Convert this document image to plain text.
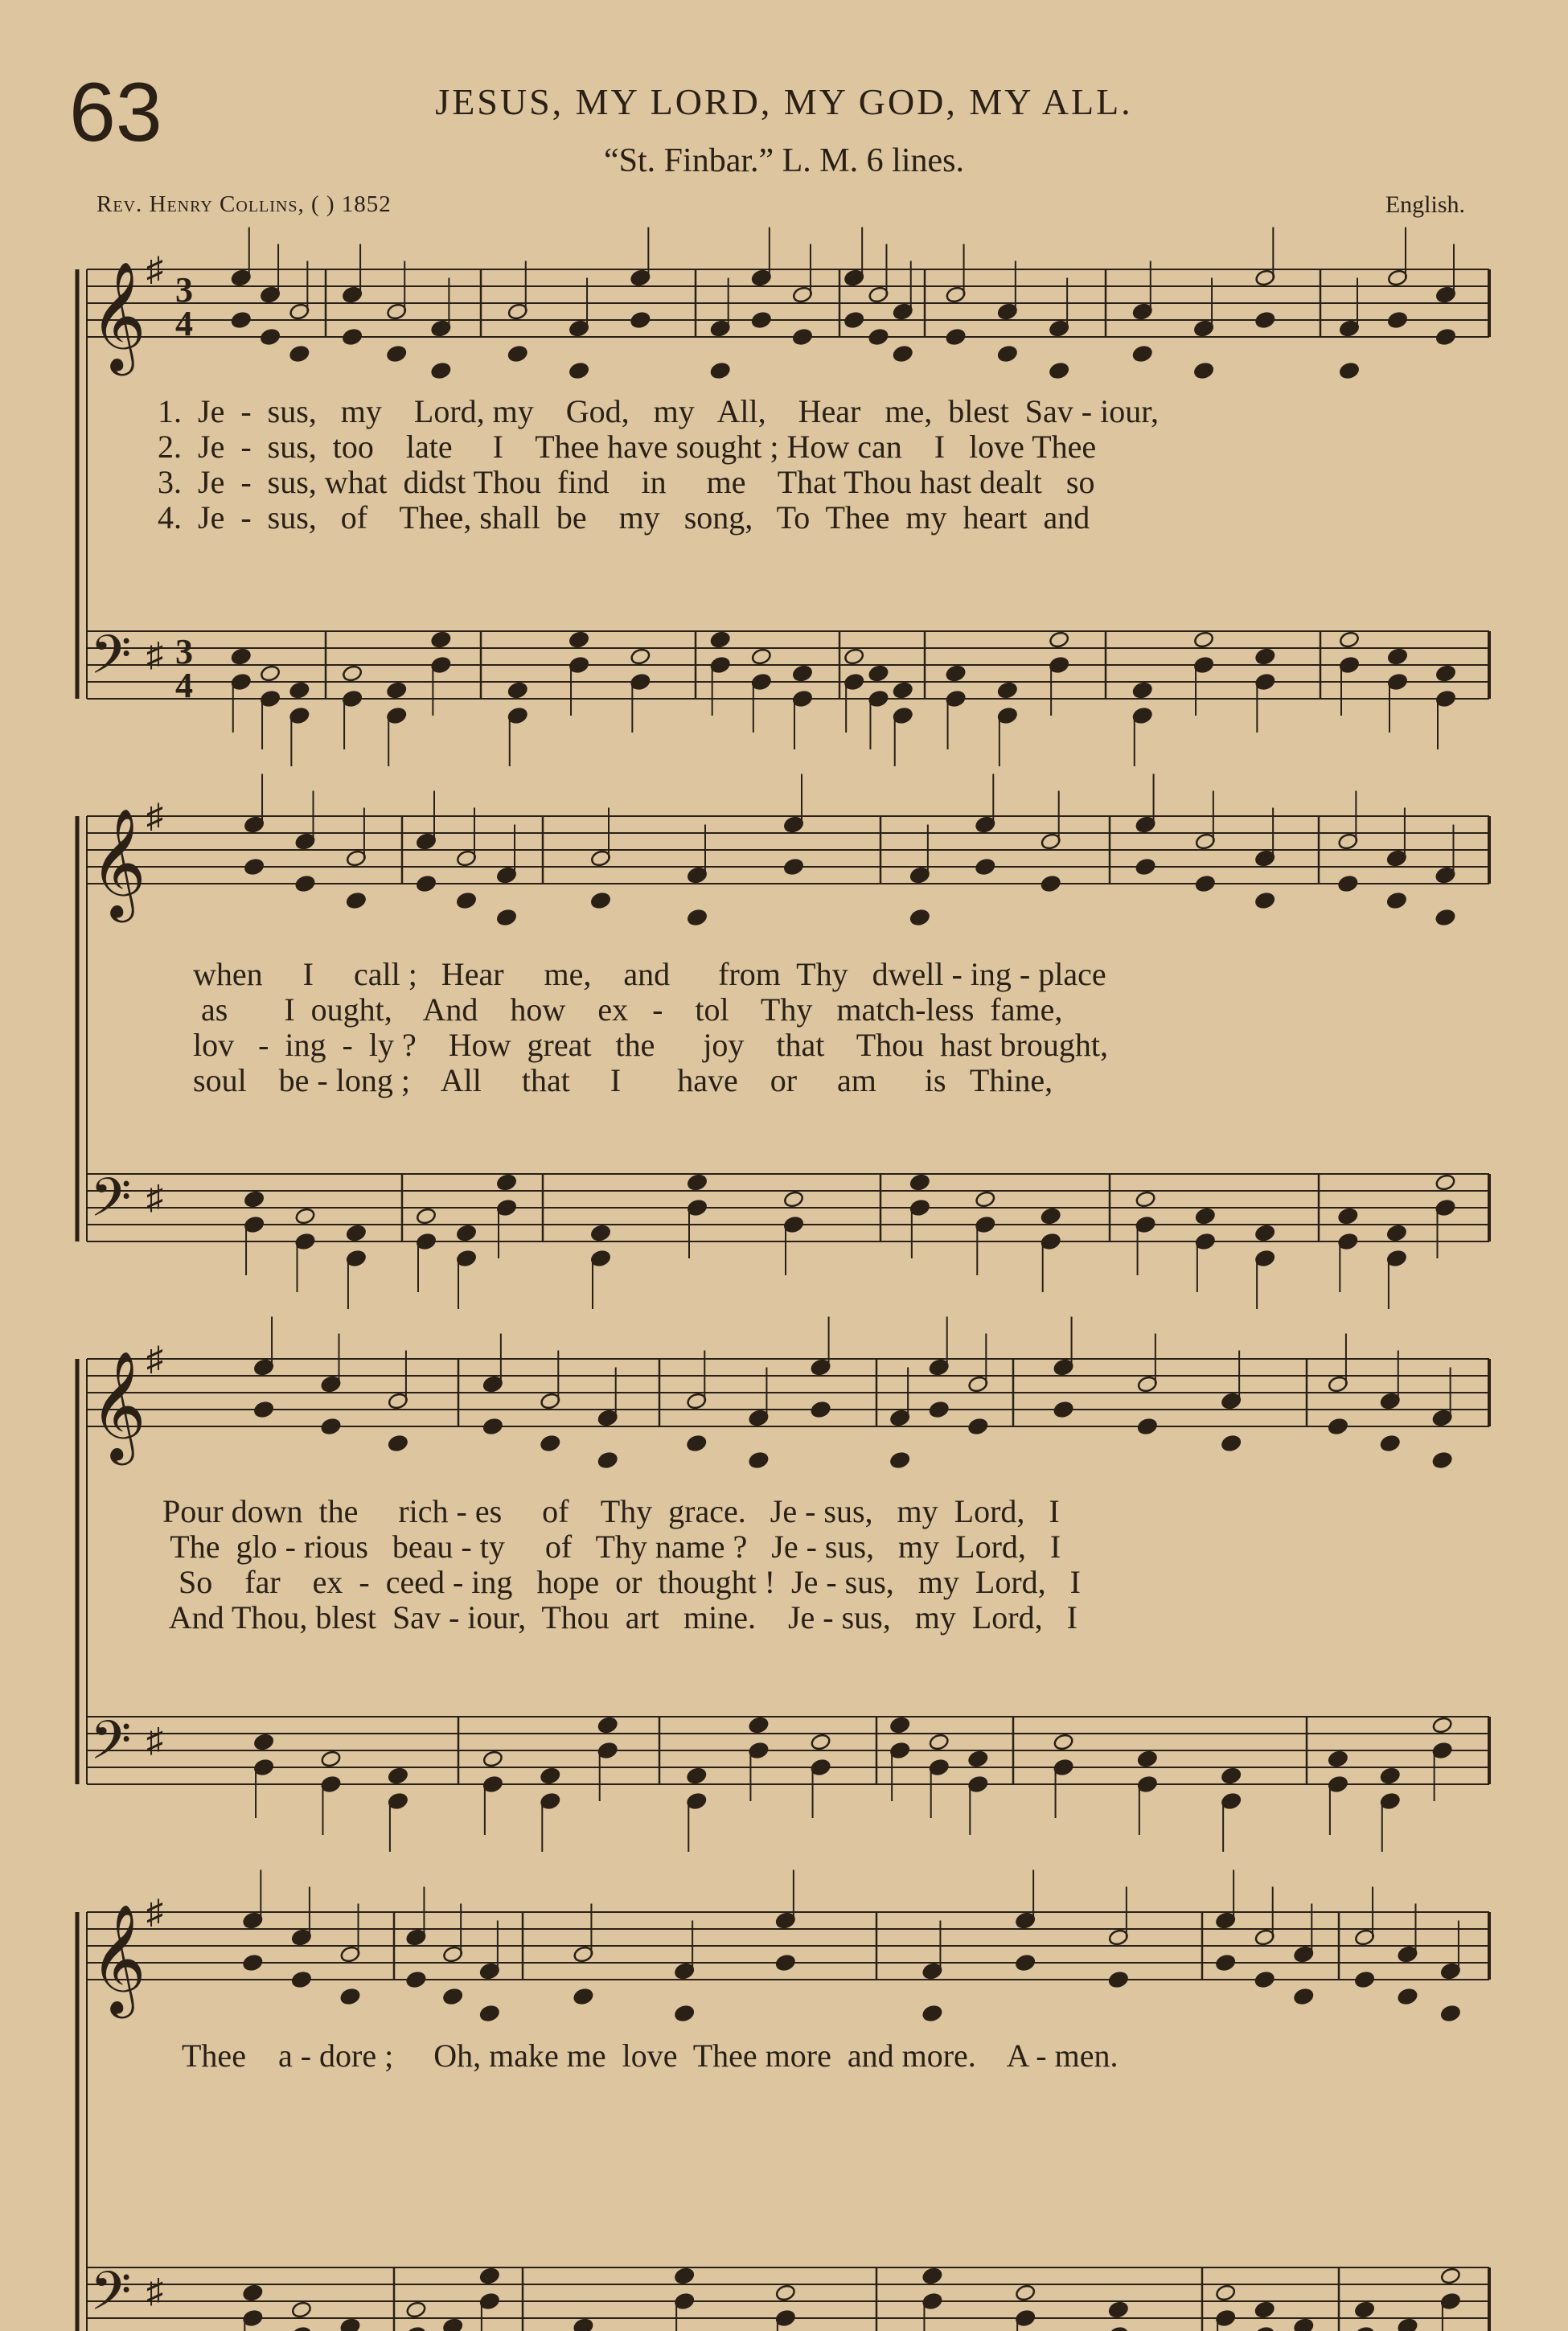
63	JESUS, MY LORD, MY GOD, MY ALL.
“St. Finbar.” L. M. 6 lines.
Rev. Henry Collins, ( ) 1852	English.
𝄞 ♯ 3
4
𝄢 ♯ 3
4
1.  Je  -  sus,   my    Lord, my    God,   my   All,    Hear   me,  blest  Sav - iour,
2.  Je  -  sus,  too    late     I    Thee have sought ; How can    I   love Thee
3.  Je  -  sus, what  didst Thou  find    in     me    That Thou hast dealt   so
4.  Je  -  sus,   of    Thee, shall  be    my   song,   To  Thee  my  heart  and
𝄞 ♯
𝄢 ♯
when     I     call ;   Hear     me,    and      from  Thy   dwell - ing - place
as       I  ought,    And    how    ex   -    tol    Thy   match-less  fame,
lov   -  ing  -  ly ?    How  great   the      joy    that    Thou  hast brought,
soul    be - long ;    All     that     I       have    or     am      is   Thine,
𝄞 ♯
𝄢 ♯
Pour down  the     rich - es     of    Thy  grace.   Je - sus,   my  Lord,   I
The  glo - rious   beau - ty     of   Thy name ?   Je - sus,   my  Lord,   I
So    far    ex  -  ceed - ing   hope  or  thought !  Je - sus,   my  Lord,   I
And Thou, blest  Sav - iour,  Thou  art   mine.    Je - sus,   my  Lord,   I
𝄞 ♯
𝄢 ♯
Thee    a - dore ;     Oh, make me  love  Thee more  and more.    A - men.
